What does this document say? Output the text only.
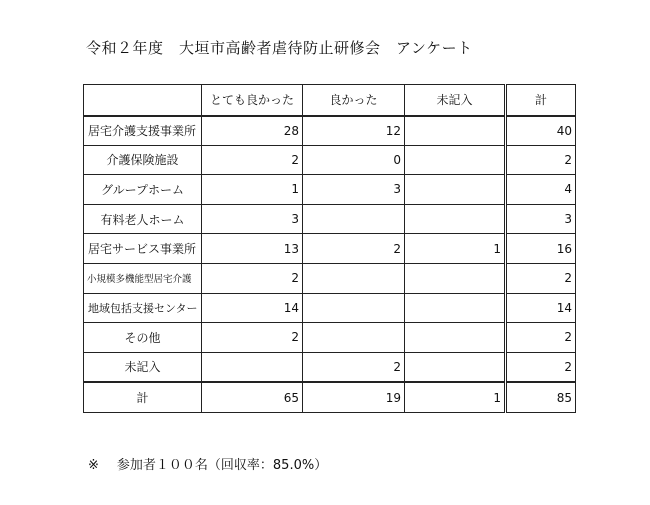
令和２年度　大垣市高齢者虐待防止研修会　アンケート
	とても良かった	良かった	未記入	計
居宅介護支援事業所	28	12		40
介護保険施設	2	0		2
グループホーム	1	3		4
有料老人ホーム	3			3
居宅サービス事業所	13	2	1	16
小規模多機能型居宅介護	2			2
地域包括支援センター	14			14
その他	2			2
未記入		2		2
計	65	19	1	85
※ 参加者１００名（回収率：85.0%）
